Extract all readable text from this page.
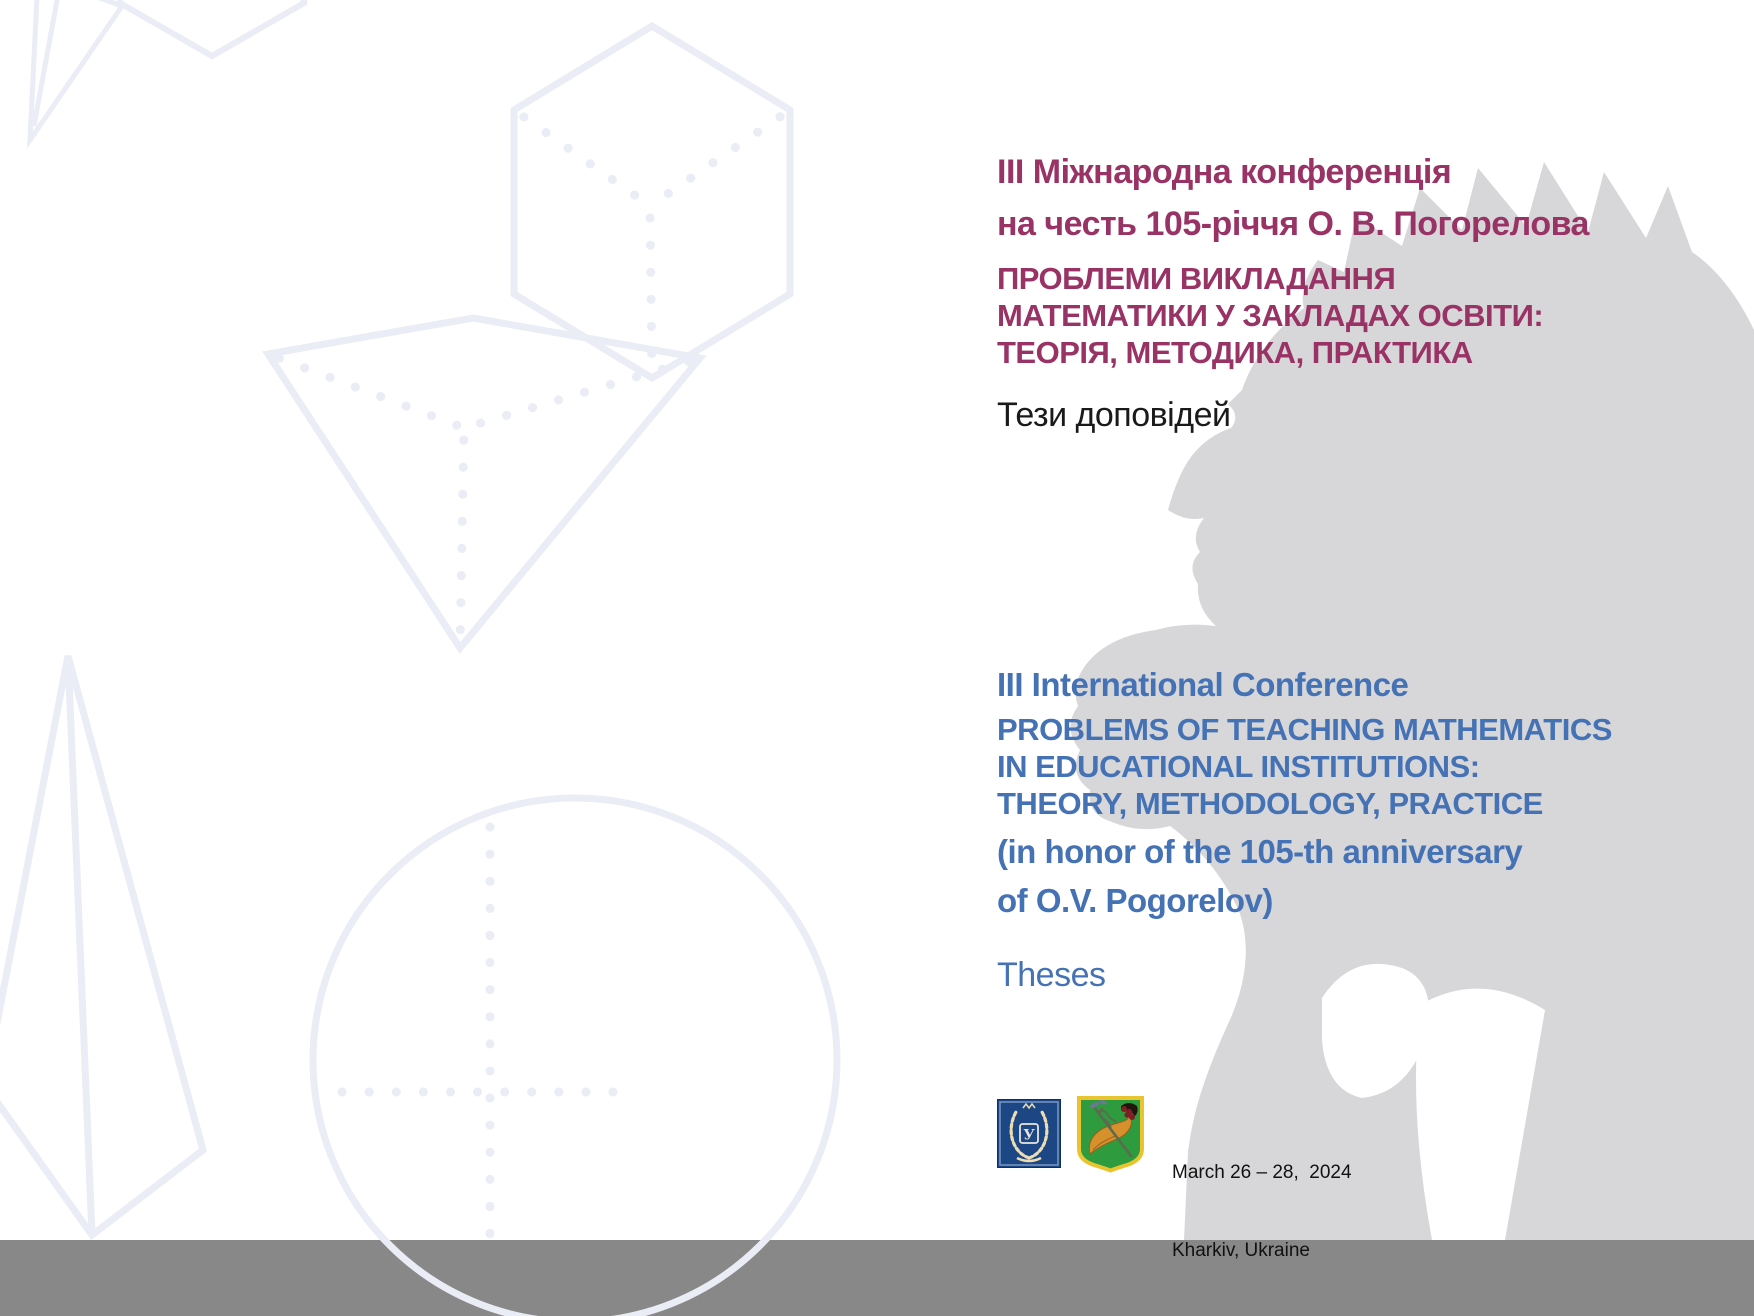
III Міжнародна конференція
на честь 105-річчя О. В. Погорелова
ПРОБЛЕМИ ВИКЛАДАННЯ
МАТЕМАТИКИ У ЗАКЛАДАХ ОСВІТИ:
ТЕОРІЯ, МЕТОДИКА, ПРАКТИКА
Тези доповідей
III International Conference
PROBLEMS OF TEACHING MATHEMATICS
IN EDUCATIONAL INSTITUTIONS:
THEORY, METHODOLOGY, PRACTICE
(in honor of the 105-th anniversary
of O.V. Pogorelov)
Theses
У

March 26 – 28,  2024

Kharkiv, Ukraine
